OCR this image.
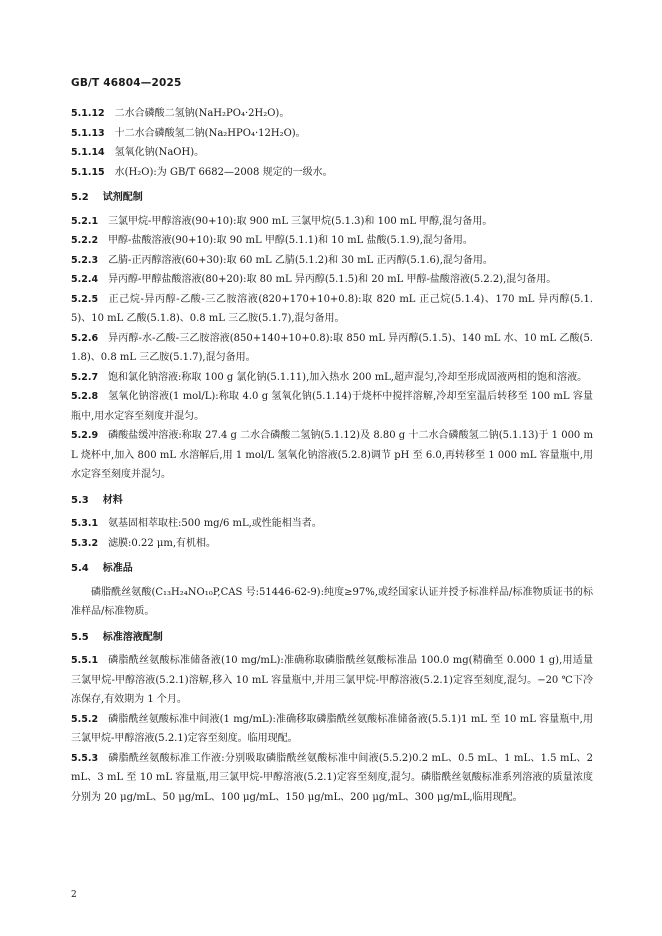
GB/T 46804—2025

5.1.12 二水合磷酸二氢钠(NaH₂PO₄·2H₂O)。

5.1.13 十二水合磷酸氢二钠(Na₂HPO₄·12H₂O)。

5.1.14 氢氧化钠(NaOH)。

5.1.15 水(H₂O):为 GB/T 6682—2008 规定的一级水。

5.2 试剂配制

5.2.1 三氯甲烷-甲醇溶液(90+10):取 900 mL 三氯甲烷(5.1.3)和 100 mL 甲醇,混匀备用。

5.2.2 甲醇-盐酸溶液(90+10):取 90 mL 甲醇(5.1.1)和 10 mL 盐酸(5.1.9),混匀备用。

5.2.3 乙腈-正丙醇溶液(60+30):取 60 mL 乙腈(5.1.2)和 30 mL 正丙醇(5.1.6),混匀备用。

5.2.4 异丙醇-甲醇盐酸溶液(80+20):取 80 mL 异丙醇(5.1.5)和 20 mL 甲醇-盐酸溶液(5.2.2),混匀备用。

5.2.5 正己烷-异丙醇-乙酸-三乙胺溶液(820+170+10+0.8):取 820 mL 正己烷(5.1.4)、170 mL 异丙醇(5.1.5)、10 mL 乙酸(5.1.8)、0.8 mL 三乙胺(5.1.7),混匀备用。

5.2.6 异丙醇-水-乙酸-三乙胺溶液(850+140+10+0.8):取 850 mL 异丙醇(5.1.5)、140 mL 水、10 mL 乙酸(5.1.8)、0.8 mL 三乙胺(5.1.7),混匀备用。

5.2.7 饱和氯化钠溶液:称取 100 g 氯化钠(5.1.11),加入热水 200 mL,超声混匀,冷却至形成固液两相的饱和溶液。

5.2.8 氢氧化钠溶液(1 mol/L):称取 4.0 g 氢氧化钠(5.1.14)于烧杯中搅拌溶解,冷却至室温后转移至 100 mL 容量瓶中,用水定容至刻度并混匀。

5.2.9 磷酸盐缓冲溶液:称取 27.4 g 二水合磷酸二氢钠(5.1.12)及 8.80 g 十二水合磷酸氢二钠(5.1.13)于 1 000 mL 烧杯中,加入 800 mL 水溶解后,用 1 mol/L 氢氧化钠溶液(5.2.8)调节 pH 至 6.0,再转移至 1 000 mL 容量瓶中,用水定容至刻度并混匀。

5.3 材料

5.3.1 氨基固相萃取柱:500 mg/6 mL,或性能相当者。

5.3.2 滤膜:0.22 μm,有机相。

5.4 标准品

磷脂酰丝氨酸(C₁₃H₂₄NO₁₀P,CAS 号:51446-62-9):纯度≥97%,或经国家认证并授予标准样品/标准物质证书的标准样品/标准物质。

5.5 标准溶液配制

5.5.1 磷脂酰丝氨酸标准储备液(10 mg/mL):准确称取磷脂酰丝氨酸标准品 100.0 mg(精确至 0.000 1 g),用适量三氯甲烷-甲醇溶液(5.2.1)溶解,移入 10 mL 容量瓶中,并用三氯甲烷-甲醇溶液(5.2.1)定容至刻度,混匀。−20 ℃下冷冻保存,有效期为 1 个月。

5.5.2 磷脂酰丝氨酸标准中间液(1 mg/mL):准确移取磷脂酰丝氨酸标准储备液(5.5.1)1 mL 至 10 mL 容量瓶中,用三氯甲烷-甲醇溶液(5.2.1)定容至刻度。临用现配。

5.5.3 磷脂酰丝氨酸标准工作液:分别吸取磷脂酰丝氨酸标准中间液(5.5.2)0.2 mL、0.5 mL、1 mL、1.5 mL、2 mL、3 mL 至 10 mL 容量瓶,用三氯甲烷-甲醇溶液(5.2.1)定容至刻度,混匀。磷脂酰丝氨酸标准系列溶液的质量浓度分别为 20 μg/mL、50 μg/mL、100 μg/mL、150 μg/mL、200 μg/mL、300 μg/mL,临用现配。

2
